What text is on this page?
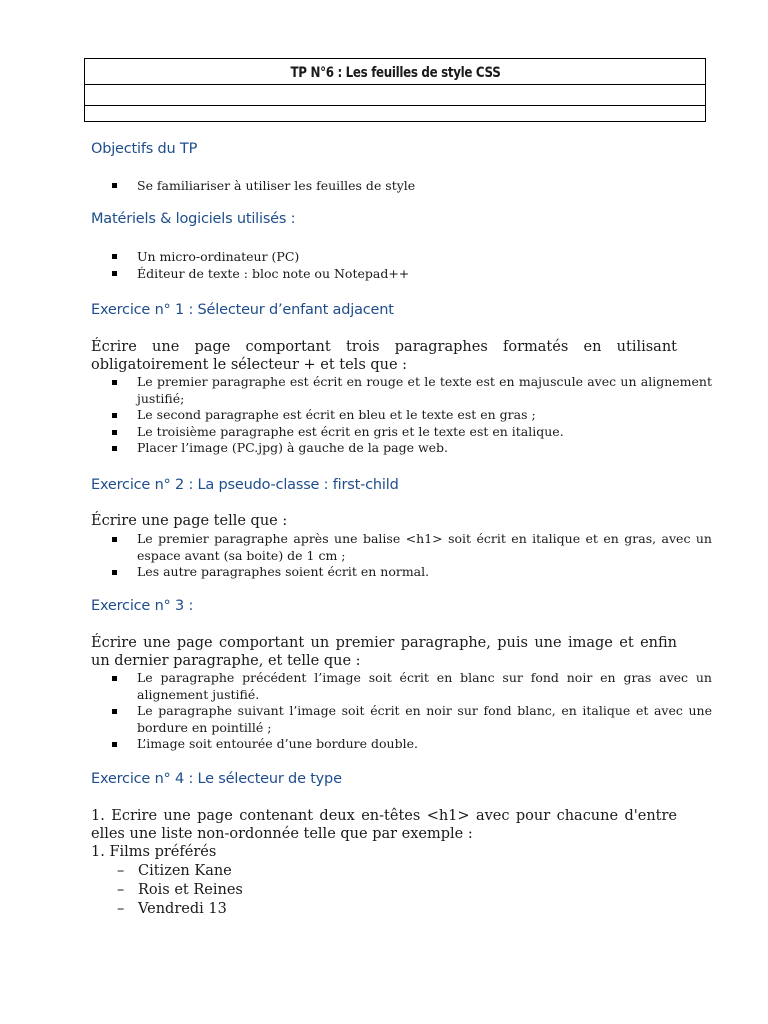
TP N°6 : Les feuilles de style CSS

Objectifs du TP
Se familiariser à utiliser les feuilles de style
Matériels & logiciels utilisés :
Un micro-ordinateur (PC)
Éditeur de texte : bloc note ou Notepad++
Exercice n° 1 : Sélecteur d’enfant adjacent

Écrire une page comportant trois paragraphes formatés en utilisant obligatoirement le sélecteur + et tels que :

Le premier paragraphe est écrit en rouge et le texte est en majuscule avec un alignement justifié;
Le second paragraphe est écrit en bleu et le texte est en gras ;
Le troisième paragraphe est écrit en gris et le texte est en italique.
Placer l’image (PC.jpg) à gauche de la page web.
Exercice n° 2 : La pseudo-classe : first-child

Écrire une page telle que :

Le premier paragraphe après une balise <h1> soit écrit en italique et en gras, avec un espace avant (sa boite) de 1 cm ;
Les autre paragraphes soient écrit en normal.
Exercice n° 3 :

Écrire une page comportant un premier paragraphe, puis une image et enfin un dernier paragraphe, et telle que :

Le paragraphe précédent l’image soit écrit en blanc sur fond noir en gras avec un alignement justifié.
Le paragraphe suivant l’image soit écrit en noir sur fond blanc, en italique et avec une bordure en pointillé ;
L’image soit entourée d’une bordure double.
Exercice n° 4 : Le sélecteur de type

1. Ecrire une page contenant deux en-têtes <h1> avec pour chacune d'entre elles une liste non-ordonnée telle que par exemple :

1. Films préférés

– Citizen Kane
– Rois et Reines
– Vendredi 13
